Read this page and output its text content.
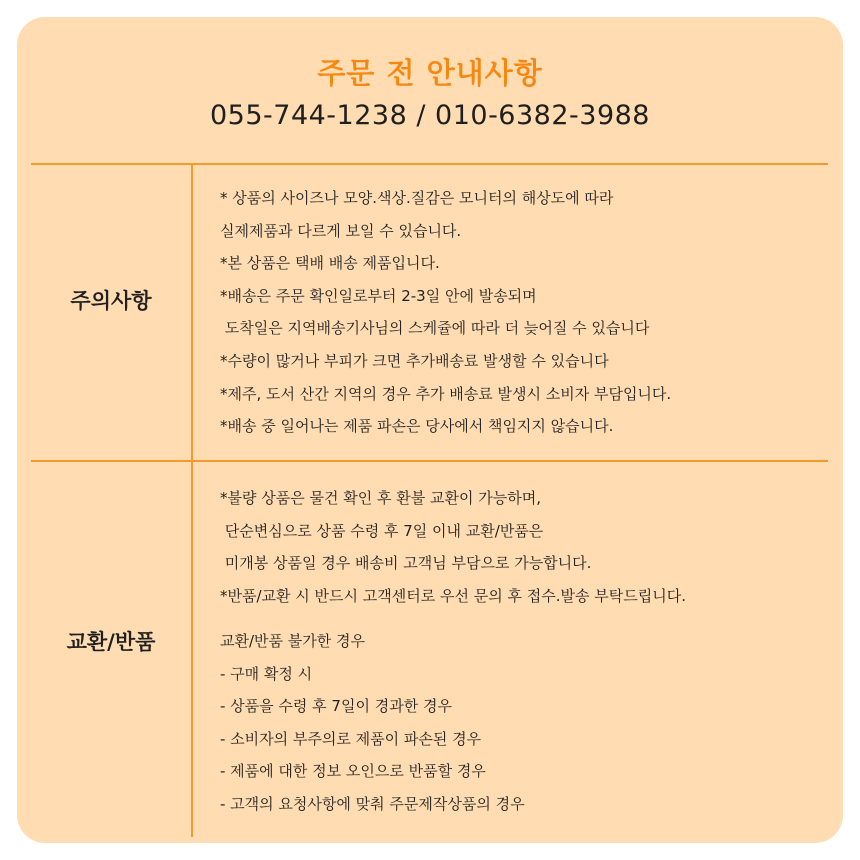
주문 전 안내사항
055-744-1238 / 010-6382-3988
주의사항
* 상품의 사이즈나 모양.색상.질감은 모니터의 해상도에 따라
실제제품과 다르게 보일 수 있습니다.
*본 상품은 택배 배송 제품입니다.
*배송은 주문 확인일로부터 2-3일 안에 발송되며
도착일은 지역배송기사님의 스케쥴에 따라 더 늦어질 수 있습니다
*수량이 많거나 부피가 크면 추가배송료 발생할 수 있습니다
*제주, 도서 산간 지역의 경우 추가 배송료 발생시 소비자 부담입니다.
*배송 중 일어나는 제품 파손은 당사에서 책임지지 않습니다.
교환/반품
*불량 상품은 물건 확인 후 환불 교환이 가능하며,
단순변심으로 상품 수령 후 7일 이내 교환/반품은
미개봉 상품일 경우 배송비 고객님 부담으로 가능합니다.
*반품/교환 시 반드시 고객센터로 우선 문의 후 접수.발송 부탁드립니다.
교환/반품 불가한 경우
- 구매 확정 시
- 상품을 수령 후 7일이 경과한 경우
- 소비자의 부주의로 제품이 파손된 경우
- 제품에 대한 정보 오인으로 반품할 경우
- 고객의 요청사항에 맞춰 주문제작상품의 경우
